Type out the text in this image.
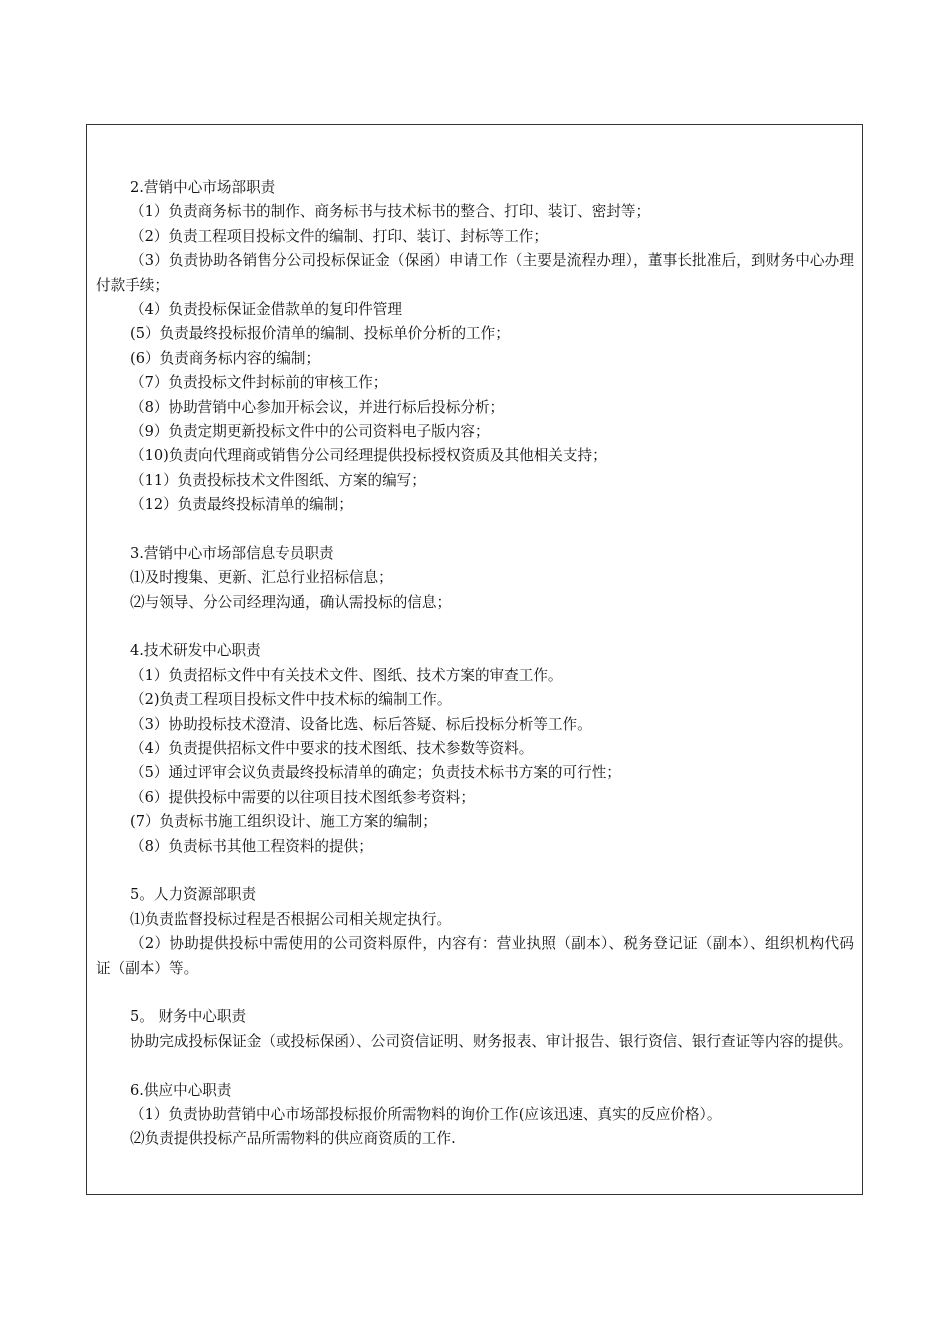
2.营销中心市场部职责

（1）负责商务标书的制作、商务标书与技术标书的整合、打印、装订、密封等；

（2）负责工程项目投标文件的编制、打印、装订、封标等工作；

（3）负责协助各销售分公司投标保证金（保函）申请工作（主要是流程办理），董事长批准后，到财务中心办理付款手续；

（4）负责投标保证金借款单的复印件管理

(5）负责最终投标报价清单的编制、投标单价分析的工作；

(6）负责商务标内容的编制；

（7）负责投标文件封标前的审核工作；

（8）协助营销中心参加开标会议，并进行标后投标分析；

（9）负责定期更新投标文件中的公司资料电子版内容；

（10)负责向代理商或销售分公司经理提供投标授权资质及其他相关支持；

（11）负责投标技术文件图纸、方案的编写；

（12）负责最终投标清单的编制；

3.营销中心市场部信息专员职责

⑴及时搜集、更新、汇总行业招标信息；

⑵与领导、分公司经理沟通，确认需投标的信息；

4.技术研发中心职责

（1）负责招标文件中有关技术文件、图纸、技术方案的审查工作。

（2)负责工程项目投标文件中技术标的编制工作。

（3）协助投标技术澄清、设备比选、标后答疑、标后投标分析等工作。

（4）负责提供招标文件中要求的技术图纸、技术参数等资料。

（5）通过评审会议负责最终投标清单的确定；负责技术标书方案的可行性；

（6）提供投标中需要的以往项目技术图纸参考资料；

(7）负责标书施工组织设计、施工方案的编制；

（8）负责标书其他工程资料的提供；

5。人力资源部职责

⑴负责监督投标过程是否根据公司相关规定执行。

（2）协助提供投标中需使用的公司资料原件，内容有：营业执照（副本）、税务登记证（副本）、组织机构代码证（副本）等。

5。 财务中心职责

协助完成投标保证金（或投标保函）、公司资信证明、财务报表、审计报告、银行资信、银行查证等内容的提供。

6.供应中心职责

（1）负责协助营销中心市场部投标报价所需物料的询价工作(应该迅速、真实的反应价格）。

⑵负责提供投标产品所需物料的供应商资质的工作.
